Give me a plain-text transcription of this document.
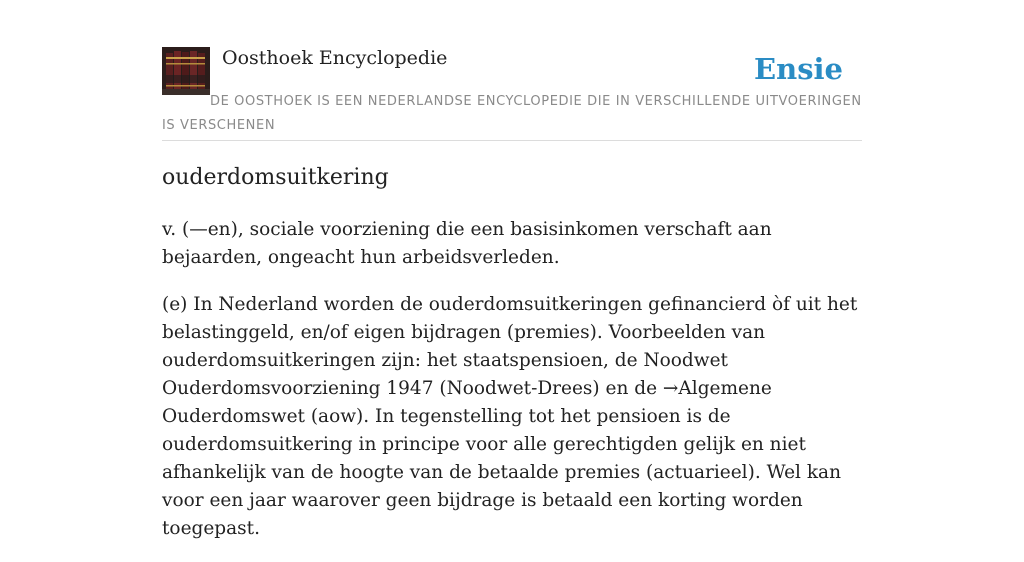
Oosthoek Encyclopedie	Ensie

DE OOSTHOEK IS EEN NEDERLANDSE ENCYCLOPEDIE DIE IN VERSCHILLENDE UITVOERINGEN IS VERSCHENEN

ouderdomsuitkering

v. (—en), sociale voorziening die een basisinkomen verschaft aan bejaarden, ongeacht hun arbeidsverleden.

(e) In Nederland worden de ouderdomsuitkeringen gefinancierd òf uit het belastinggeld, en/of eigen bijdragen (premies). Voorbeelden van ouderdomsuitkeringen zijn: het staatspensioen, de Noodwet Ouderdomsvoorziening 1947 (Noodwet-Drees) en de →Algemene Ouderdomswet (aow). In tegenstelling tot het pensioen is de ouderdomsuitkering in principe voor alle gerechtigden gelijk en niet afhankelijk van de hoogte van de betaalde premies (actuarieel). Wel kan voor een jaar waarover geen bijdrage is betaald een korting worden toegepast.
